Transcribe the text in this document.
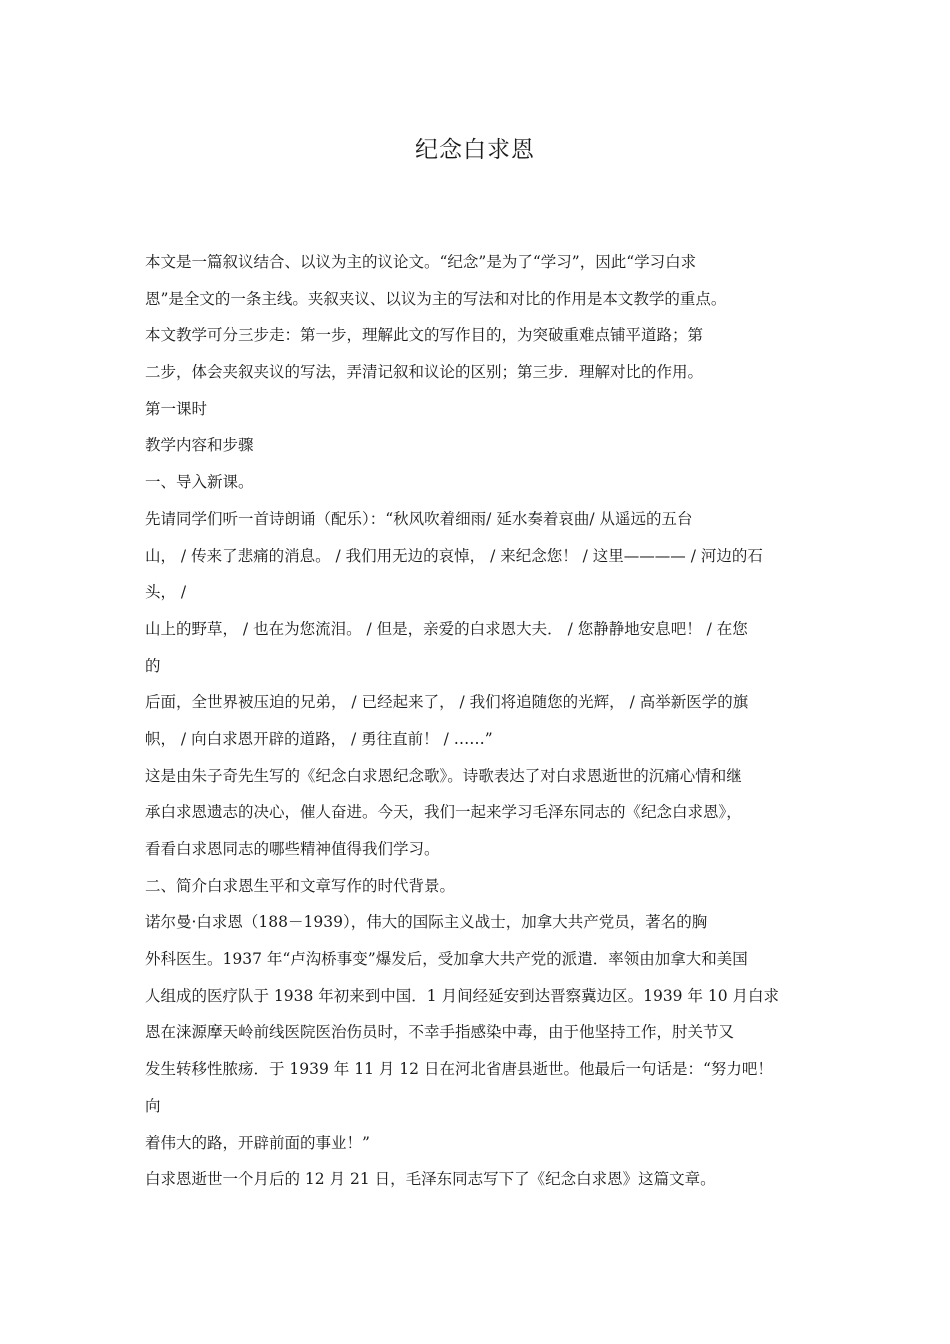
纪念白求恩
本文是一篇叙议结合、以议为主的议论文。“纪念”是为了“学习”，因此“学习白求
恩”是全文的一条主线。夹叙夹议、以议为主的写法和对比的作用是本文教学的重点。
本文教学可分三步走：第一步，理解此文的写作目的，为突破重难点铺平道路；第
二步，体会夹叙夹议的写法，弄清记叙和议论的区别；第三步．理解对比的作用。
第一课时
教学内容和步骤
一、导入新课。
先请同学们听一首诗朗诵（配乐）：“秋风吹着细雨/ 延水奏着哀曲/ 从遥远的五台
山， / 传来了悲痛的消息。 / 我们用无边的哀悼， / 来纪念您！ / 这里———— / 河边的石
头， /
山上的野草， / 也在为您流泪。 / 但是，亲爱的白求恩大夫． / 您静静地安息吧！ / 在您
的
后面，全世界被压迫的兄弟， / 已经起来了， / 我们将追随您的光辉， / 高举新医学的旗
帜， / 向白求恩开辟的道路， / 勇往直前！ / ……”
这是由朱子奇先生写的《纪念白求恩纪念歌》。诗歌表达了对白求恩逝世的沉痛心情和继
承白求恩遗志的决心，催人奋进。今天，我们一起来学习毛泽东同志的《纪念白求恩》，
看看白求恩同志的哪些精神值得我们学习。
二、简介白求恩生平和文章写作的时代背景。
诺尔曼·白求恩（188－1939），伟大的国际主义战士，加拿大共产党员，著名的胸
外科医生。1937 年“卢沟桥事变”爆发后，受加拿大共产党的派遣．率领由加拿大和美国
人组成的医疗队于 1938 年初来到中国．1 月间经延安到达晋察冀边区。1939 年 10 月白求
恩在涞源摩天岭前线医院医治伤员时，不幸手指感染中毒，由于他坚持工作，肘关节又
发生转移性脓疡．于 1939 年 11 月 12 日在河北省唐县逝世。他最后一句话是：“努力吧！
向
着伟大的路，开辟前面的事业！”
白求恩逝世一个月后的 12 月 21 日，毛泽东同志写下了《纪念白求恩》这篇文章。
